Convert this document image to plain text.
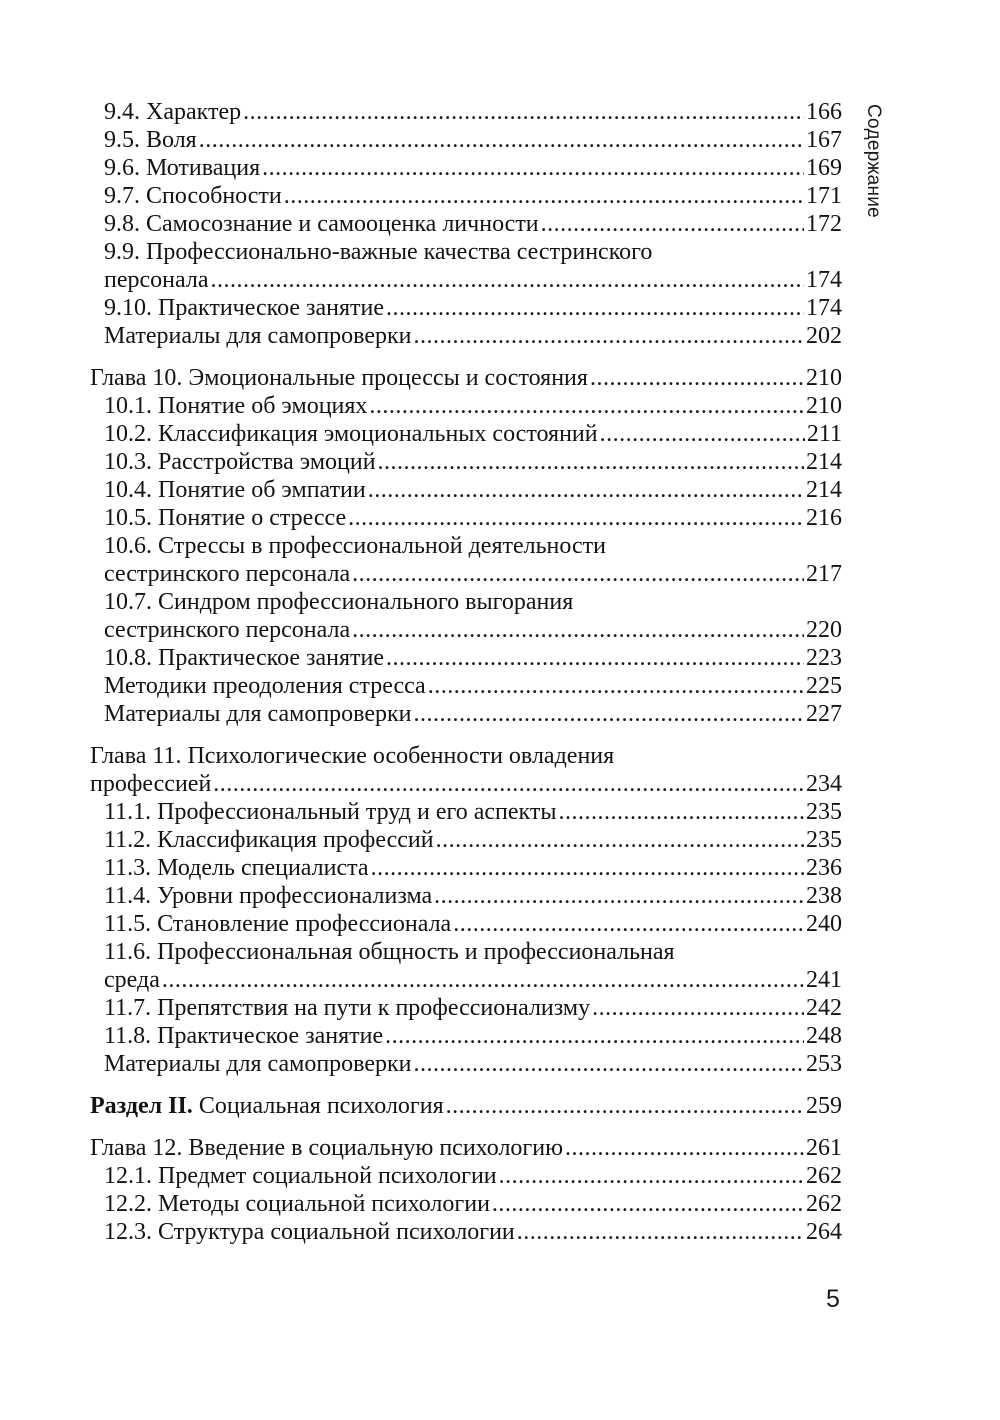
Содержание
9.4. Характер .....	166
9.5. Воля .....	167
9.6. Мотивация .....	169
9.7. Способности .....	171
9.8. Самосознание и самооценка личности .....	172
9.9. Профессионально-важные качества сестринского
персонала .....	174
9.10. Практическое занятие .....	174
Материалы для самопроверки .....	202
Глава 10. Эмоциональные процессы и состояния .....	210
10.1. Понятие об эмоциях .....	210
10.2. Классификация эмоциональных состояний .....	211
10.3. Расстройства эмоций .....	214
10.4. Понятие об эмпатии .....	214
10.5. Понятие о стрессе .....	216
10.6. Стрессы в профессиональной деятельности
сестринского персонала .....	217
10.7. Синдром профессионального выгорания
сестринского персонала .....	220
10.8. Практическое занятие .....	223
Методики преодоления стресса .....	225
Материалы для самопроверки .....	227
Глава 11. Психологические особенности овладения
профессией .....	234
11.1. Профессиональный труд и его аспекты .....	235
11.2. Классификация профессий .....	235
11.3. Модель специалиста .....	236
11.4. Уровни профессионализма .....	238
11.5. Становление профессионала .....	240
11.6. Профессиональная общность и профессиональная
среда .....	241
11.7. Препятствия на пути к профессионализму .....	242
11.8. Практическое занятие .....	248
Материалы для самопроверки .....	253
Раздел II. Социальная психология .....	259
Глава 12. Введение в социальную психологию .....	261
12.1. Предмет социальной психологии .....	262
12.2. Методы социальной психологии .....	262
12.3. Структура социальной психологии .....	264
5
